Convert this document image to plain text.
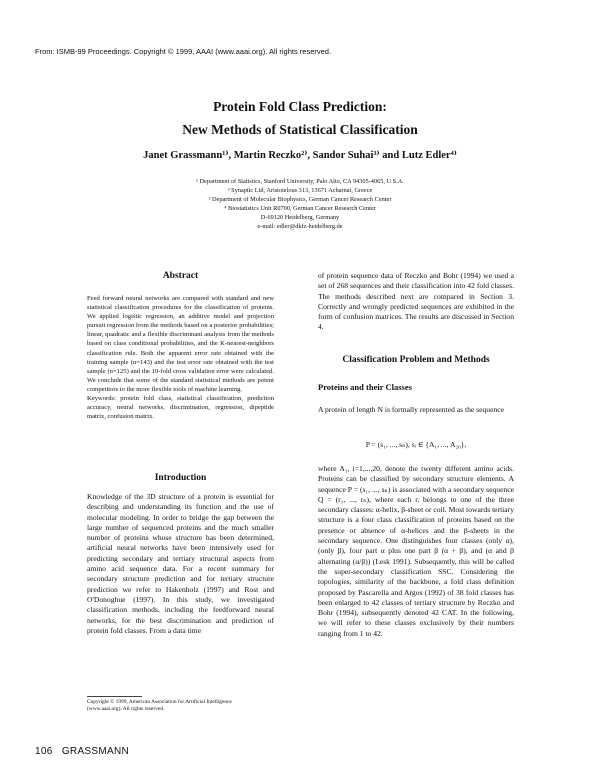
From: ISMB-99 Proceedings. Copyright © 1999, AAAI (www.aaai.org). All rights reserved.
Protein Fold Class Prediction:
New Methods of Statistical Classification
Janet Grassmann¹⁾, Martin Reczko²⁾, Sandor Suhai³⁾ and Lutz Edler⁴⁾
¹ Department of Statistics, Stanford University, Palo Alto, CA 94305-4065, U.S.A.
² Synaptic Ltd, Aristotelous 313, 13671 Acharnai, Greece
³ Department of Molecular Biophysics, German Cancer Research Center
⁴ Biostatistics Unit R0700, German Cancer Research Center
D-69120 Heidelberg, Germany
e-mail: edler@dkfz-heidelberg.de
Abstract
Feed forward neural networks are compared with standard and new statistical classification procedures for the classification of proteins. We applied logistic regression, an additive model and projection pursuit regression from the methods based on a posterior probabilities; linear, quadratic and a flexible discriminant analysis from the methods based on class conditional probabilities, and the K-nearest-neighbors classification rule. Both the apparent error rate obtained with the training sample (n=143) and the test error rate obtained with the test sample (n=125) and the 10-fold cross validation error were calculated. We conclude that some of the standard statistical methods are potent competitors to the more flexible tools of machine learning.
Keywords: protein fold class, statistical classification, prediction accuracy, neural networks, discrimination, regression, dipeptide matrix, confusion matrix.
Introduction
Knowledge of the 3D structure of a protein is essential for describing and understanding its function and the use of molecular modeling. In order to bridge the gap between the large number of sequenced proteins and the much smaller number of proteins whose structure has been determined, artificial neural networks have been intensively used for predicting secondary and tertiary structural aspects from amino acid sequence data. For a recent summary for secondary structure prediction and for tertiary structure prediction we refer to Hakenholz (1997) and Rost and O'Donoghue (1997). In this study, we investigated classification methods, including the feedforward neural networks, for the best discrimination and prediction of protein fold classes. From a data time
Copyright © 1999, American Association for Artificial Intelligence
(www.aaai.org). All rights reserved.
of protein sequence data of Reczko and Bohr (1994) we used a set of 268 sequences and their classification into 42 fold classes. The methods described next are compared in Section 3. Correctly and wrongly predicted sequences are exhibited in the form of confusion matrices. The results are discussed in Section 4.
Classification Problem and Methods
Proteins and their Classes
A protein of length N is formally represented as the sequence
P = (s₁, ..., sₙ), sᵢ ∈ {A₁, ..., A₂₀},
where A₁, i=1,...,20, denote the twenty different amino acids. Proteins can be classified by secondary structure elements. A sequence P = (s₁, ..., sₙ) is associated with a secondary sequence Q = (r₁, ..., rₙ), where each rᵢ belongs to one of the three secondary classes: α-helix, β-sheet or coil. Most towards tertiary structure is a four class classification of proteins based on the presence or absence of α-helices and the β-sheets in the secondary sequence. One distinguishes four classes (only α), (only β), four part α plus one part β (α + β), and (α and β alternating (α/β)) (Lesk 1991). Subsequently, this will be called the super-secondary classification SSC. Considering the topologies, similarity of the backbone, a fold class definition proposed by Pascarella and Argos (1992) of 38 fold classes has been enlarged to 42 classes of tertiary structure by Reczko and Bohr (1994), subsequently denoted 42 CAT. In the following, we will refer to these classes exclusively by their numbers ranging from 1 to 42.
106 GRASSMANN
